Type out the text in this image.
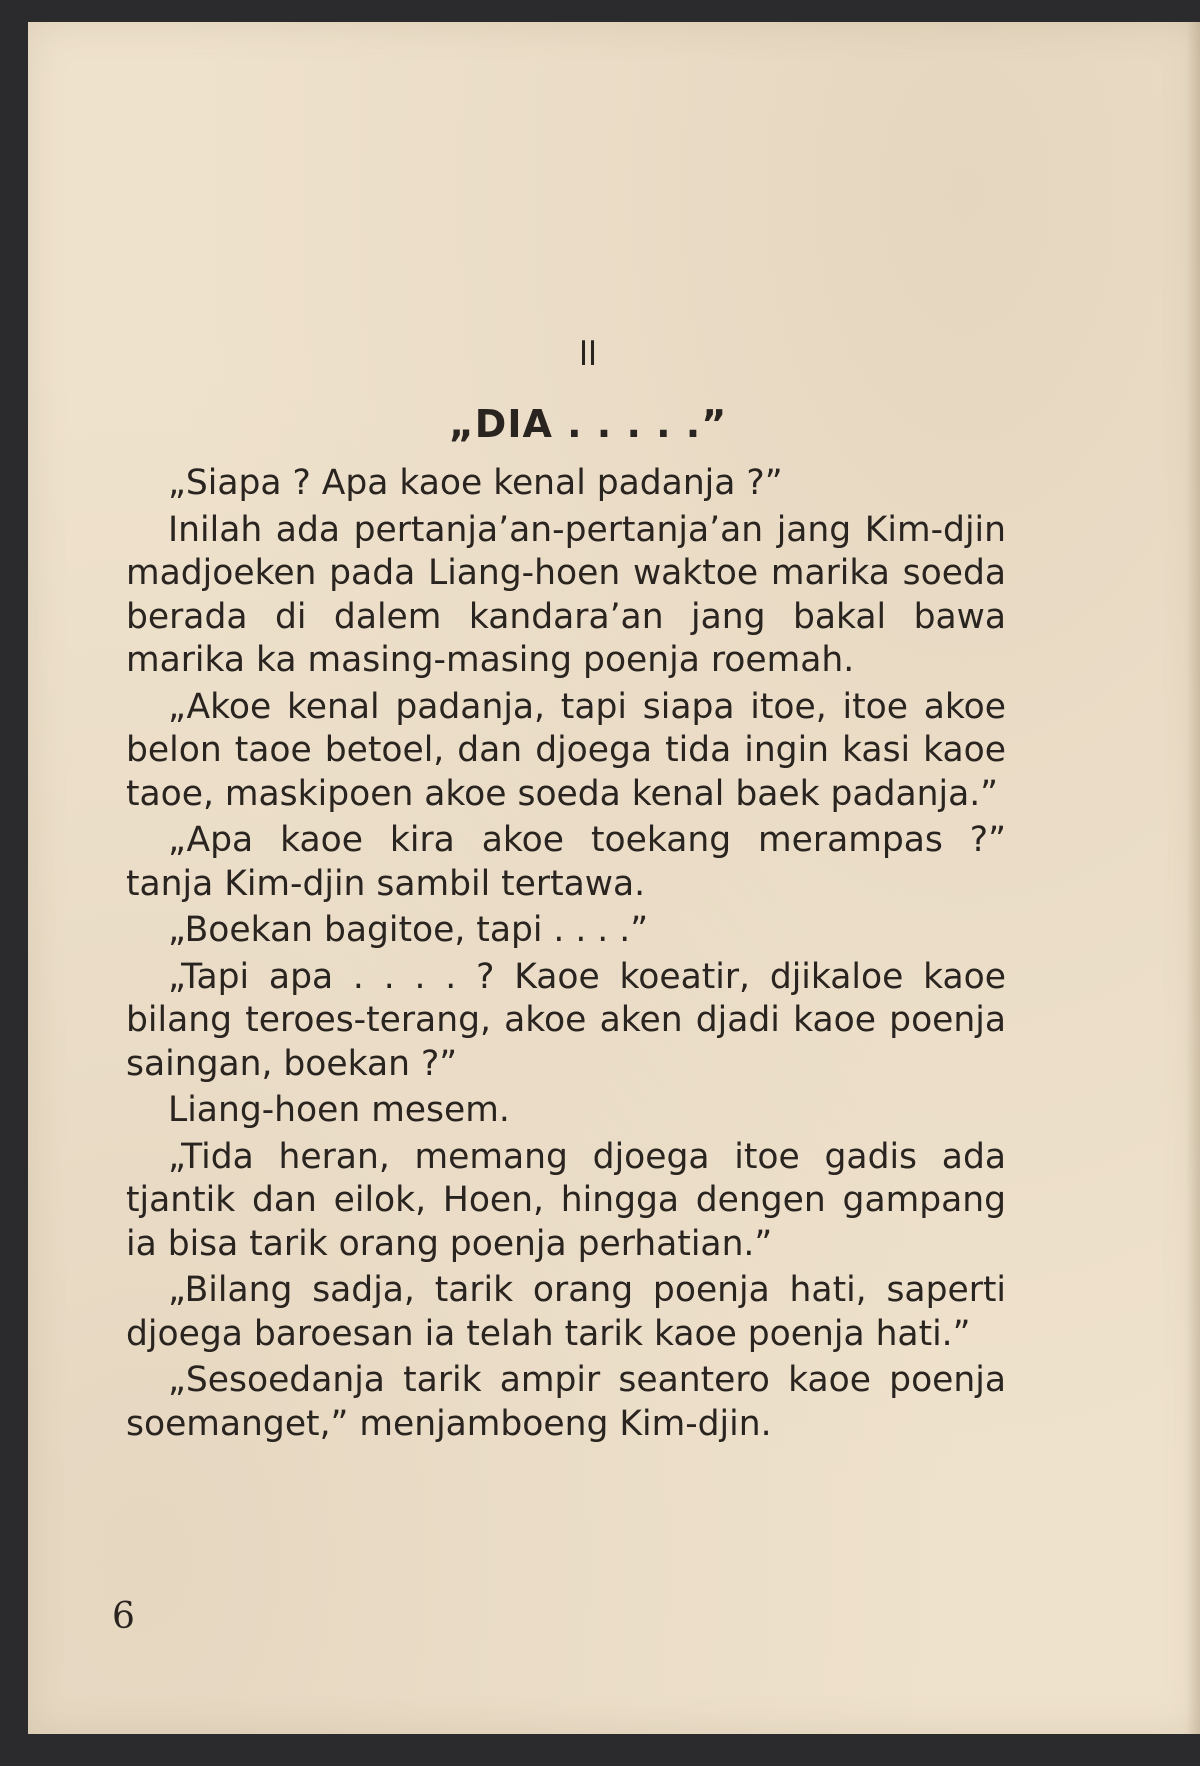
II
„DIA . . . . .”

„Siapa ? Apa kaoe kenal padanja ?”

Inilah ada pertanja’an-pertanja’an jang Kim-djin madjoeken pada Liang-hoen waktoe marika soeda berada di dalem kandara’an jang bakal bawa marika ka masing-masing poenja roemah.

„Akoe kenal padanja, tapi siapa itoe, itoe akoe belon taoe betoel, dan djoega tida ingin kasi kaoe taoe, maskipoen akoe soeda kenal baek padanja.”

„Apa kaoe kira akoe toekang merampas ?” tanja Kim-djin sambil tertawa.

„Boekan bagitoe, tapi . . . .”

„Tapi apa . . . . ? Kaoe koeatir, djikaloe kaoe bilang teroes-terang, akoe aken djadi kaoe poenja saingan, boekan ?”

Liang-hoen mesem.

„Tida heran, memang djoega itoe gadis ada tjantik dan eilok, Hoen, hingga dengen gampang ia bisa tarik orang poenja perhatian.”

„Bilang sadja, tarik orang poenja hati, saperti djoega baroesan ia telah tarik kaoe poenja hati.”

„Sesoedanja tarik ampir seantero kaoe poenja soemanget,” menjamboeng Kim-djin.

6
